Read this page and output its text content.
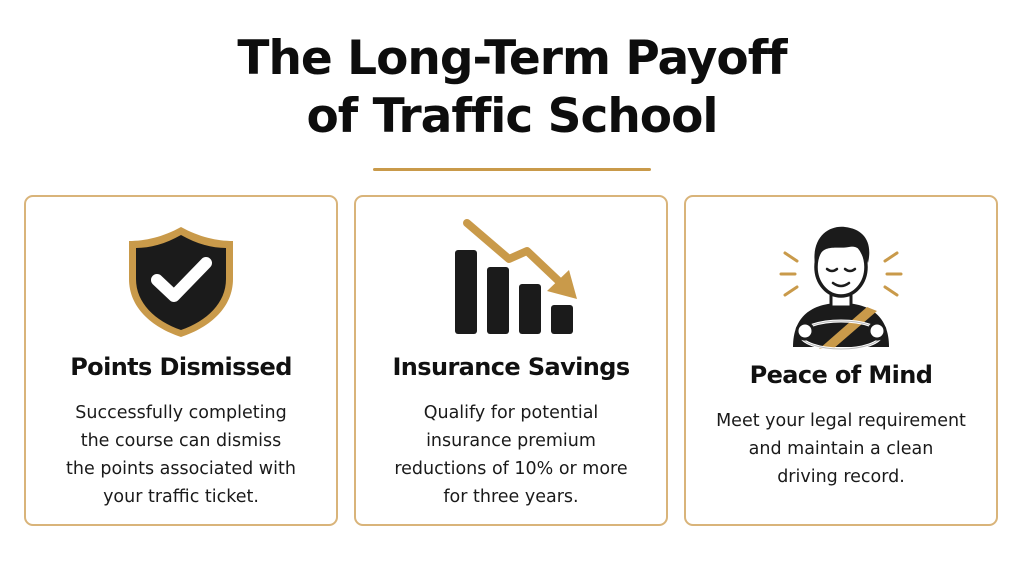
The Long-Term Payoff
of Traffic School
Points Dismissed
Successfully completing
the course can dismiss
the points associated with
your traffic ticket.
Insurance Savings
Qualify for potential
insurance premium
reductions of 10% or more
for three years.
Peace of Mind
Meet your legal requirement
and maintain a clean
driving record.
